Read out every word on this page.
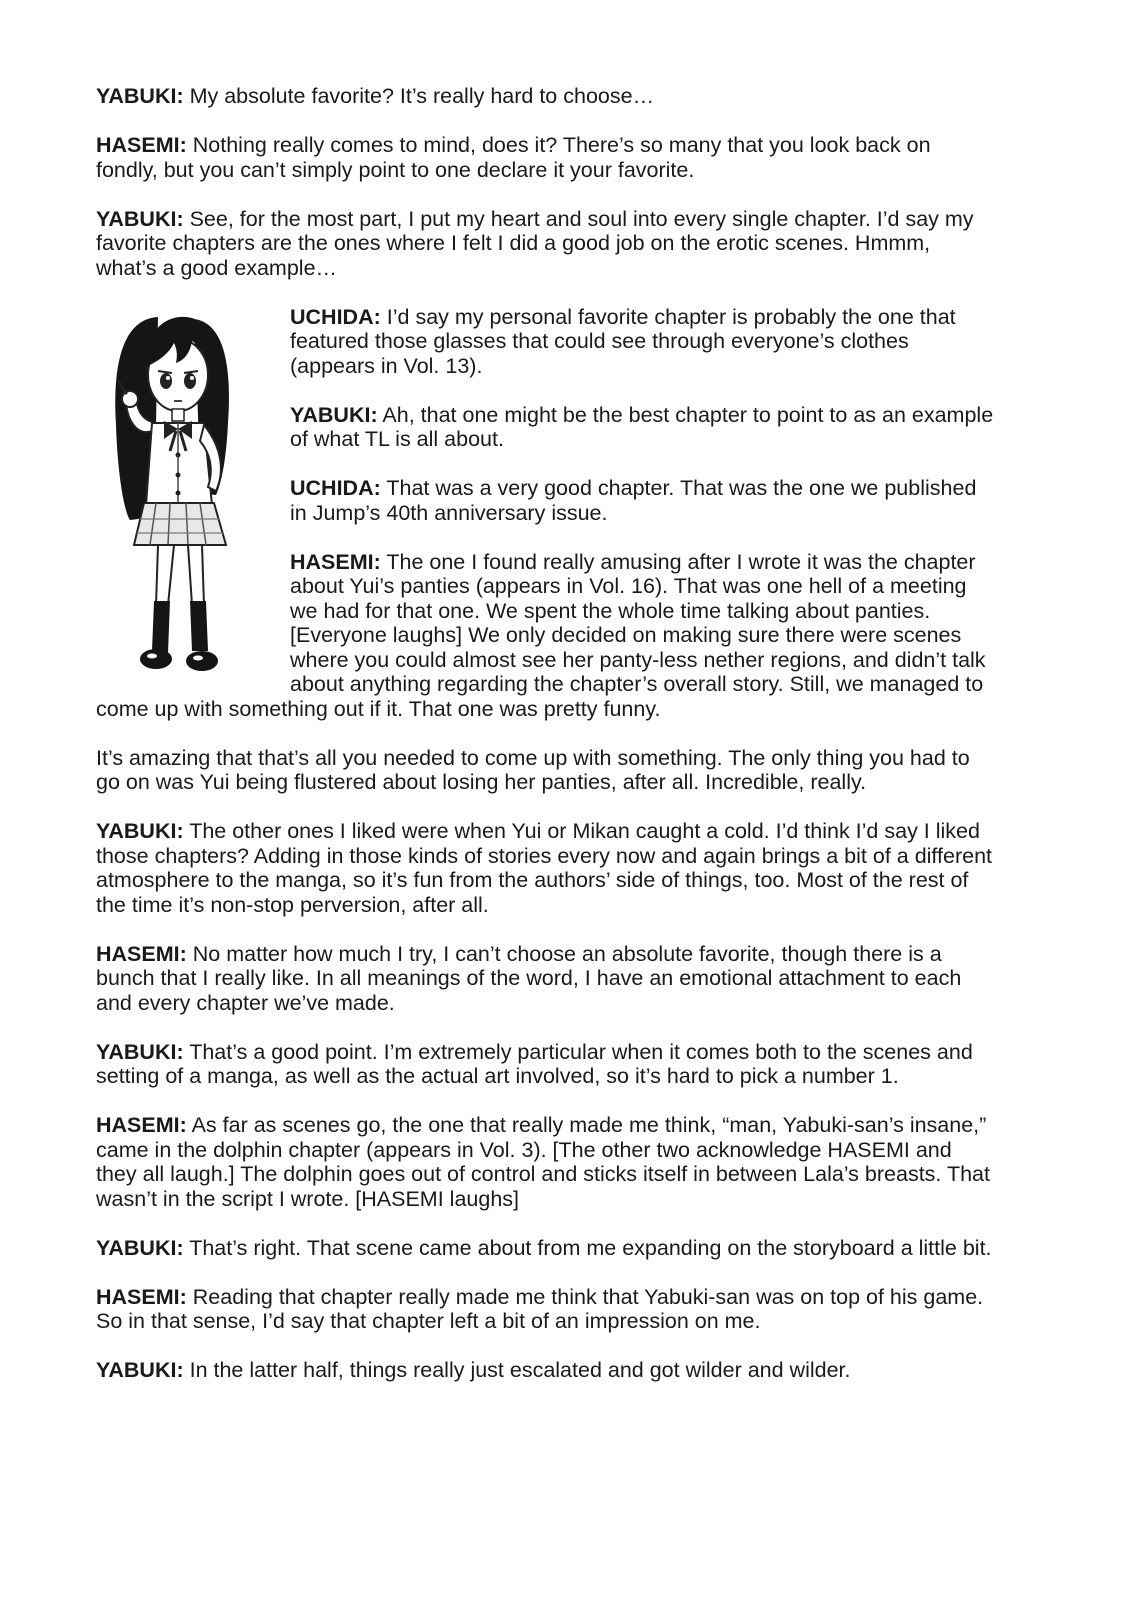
YABUKI: My absolute favorite? It’s really hard to choose…

HASEMI: Nothing really comes to mind, does it? There’s so many that you look back on fondly, but you can’t simply point to one declare it your favorite.

YABUKI: See, for the most part, I put my heart and soul into every single chapter. I’d say my favorite chapters are the ones where I felt I did a good job on the erotic scenes. Hmmm, what’s a good example…

UCHIDA: I’d say my personal favorite chapter is probably the one that featured those glasses that could see through everyone’s clothes (appears in Vol. 13).

YABUKI: Ah, that one might be the best chapter to point to as an example of what TL is all about.

UCHIDA: That was a very good chapter. That was the one we published in Jump’s 40th anniversary issue.

HASEMI: The one I found really amusing after I wrote it was the chapter about Yui’s panties (appears in Vol. 16). That was one hell of a meeting we had for that one. We spent the whole time talking about panties. [Everyone laughs] We only decided on making sure there were scenes where you could almost see her panty-less nether regions, and didn’t talk about anything regarding the chapter’s overall story. Still, we managed to come up with something out if it. That one was pretty funny.

It’s amazing that that’s all you needed to come up with something. The only thing you had to go on was Yui being flustered about losing her panties, after all. Incredible, really.

YABUKI: The other ones I liked were when Yui or Mikan caught a cold. I’d think I’d say I liked those chapters? Adding in those kinds of stories every now and again brings a bit of a different atmosphere to the manga, so it’s fun from the authors’ side of things, too. Most of the rest of the time it’s non-stop perversion, after all.

HASEMI: No matter how much I try, I can’t choose an absolute favorite, though there is a bunch that I really like. In all meanings of the word, I have an emotional attachment to each and every chapter we’ve made.

YABUKI: That’s a good point. I’m extremely particular when it comes both to the scenes and setting of a manga, as well as the actual art involved, so it’s hard to pick a number 1.

HASEMI: As far as scenes go, the one that really made me think, “man, Yabuki-san’s insane,” came in the dolphin chapter (appears in Vol. 3). [The other two acknowledge HASEMI and they all laugh.] The dolphin goes out of control and sticks itself in between Lala’s breasts. That wasn’t in the script I wrote. [HASEMI laughs]

YABUKI: That’s right. That scene came about from me expanding on the storyboard a little bit.

HASEMI: Reading that chapter really made me think that Yabuki-san was on top of his game. So in that sense, I’d say that chapter left a bit of an impression on me.

YABUKI: In the latter half, things really just escalated and got wilder and wilder.
